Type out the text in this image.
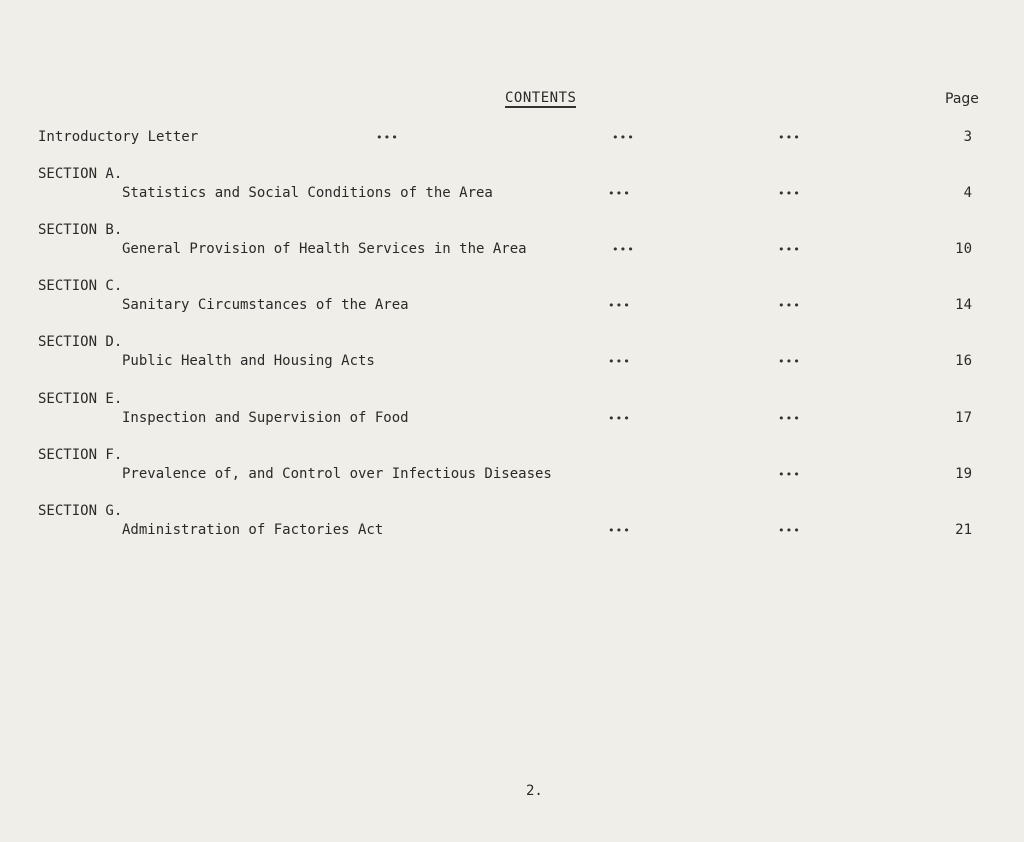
CONTENTS	Page
Introductory Letter	•••	•••	•••	3
SECTION A.
Statistics and Social Conditions of the Area	•••	•••	4
SECTION B.
General Provision of Health Services in the Area	•••	•••	10
SECTION C.
Sanitary Circumstances of the Area	•••	•••	14
SECTION D.
Public Health and Housing Acts	•••	•••	16
SECTION E.
Inspection and Supervision of Food	•••	•••	17
SECTION F.
Prevalence of, and Control over Infectious Diseases	•••	19
SECTION G.
Administration of Factories Act	•••	•••	21
2.
